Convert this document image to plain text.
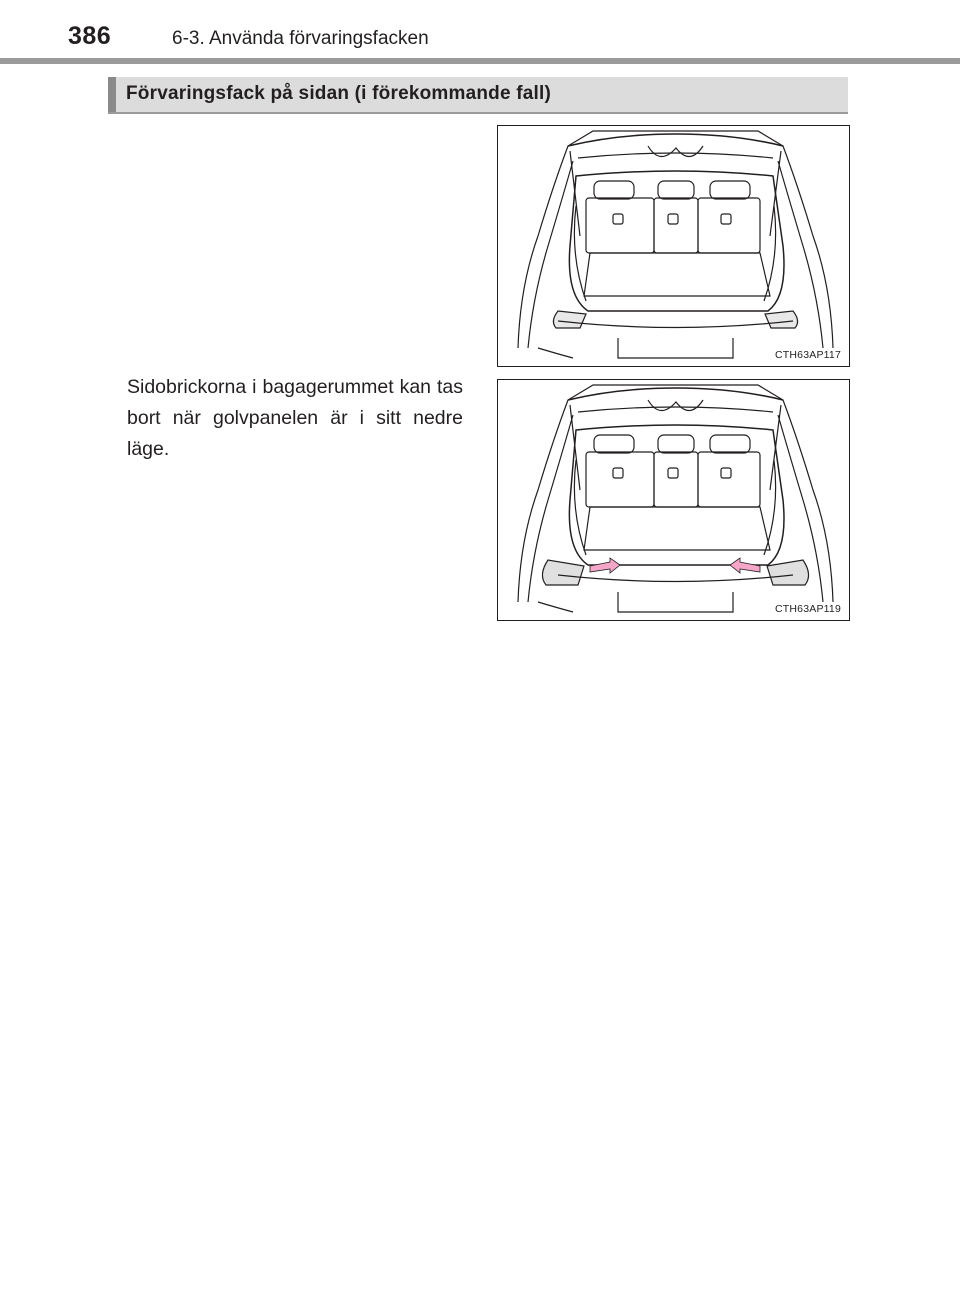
386	6-3. Använda förvaringsfacken
Förvaringsfack på sidan (i förekommande fall)
CTH63AP117
CTH63AP119
Sidobrickorna i bagagerummet kan tas bort när golvpanelen är i sitt nedre läge.
